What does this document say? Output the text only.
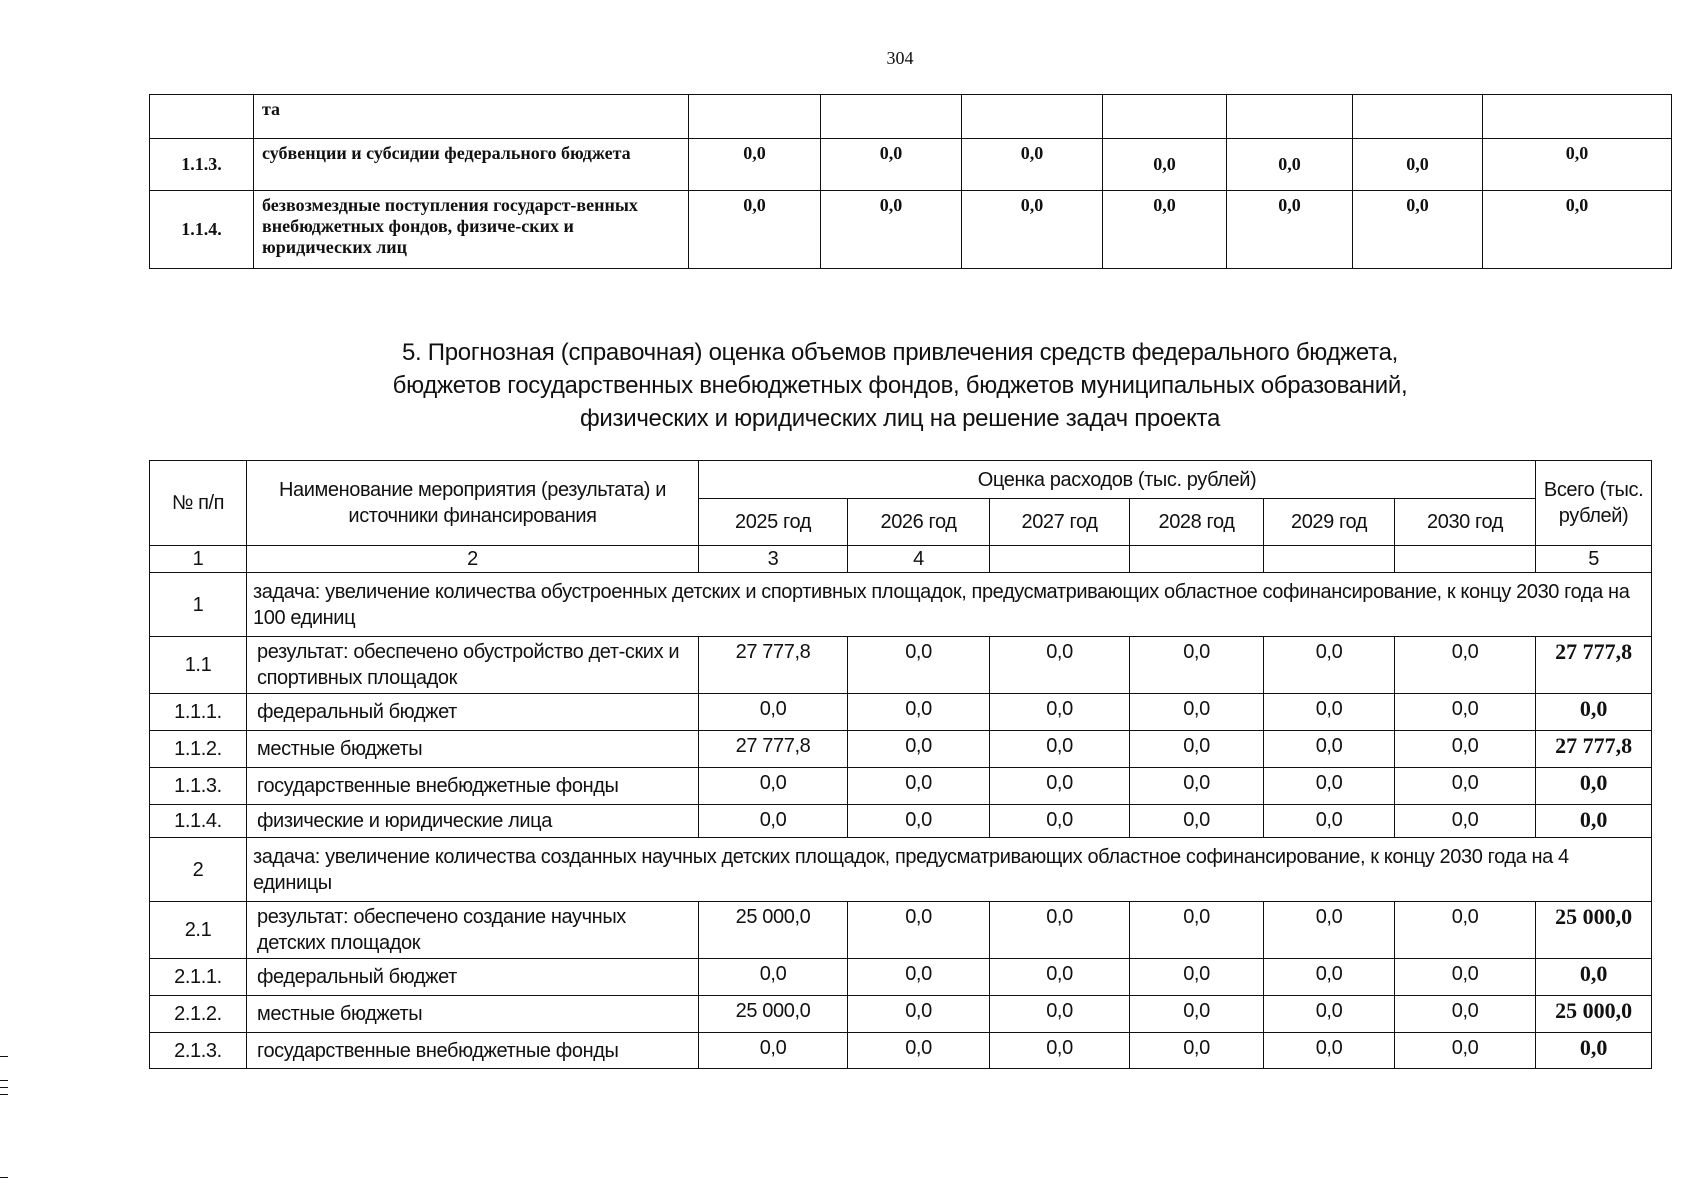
304
	та							
1.1.3.	субвенции и субсидии федерального бюджета	0,0	0,0	0,0	0,0	0,0	0,0	0,0
1.1.4.	безвозмездные поступления государст-венных внебюджетных фондов, физиче-ских и юридических лиц	0,0	0,0	0,0	0,0	0,0	0,0	0,0
5. Прогнозная (справочная) оценка объемов привлечения средств федерального бюджета,
бюджетов государственных внебюджетных фондов, бюджетов муниципальных образований,
физических и юридических лиц на решение задач проекта
№ п/п	Наименование мероприятия (результата) и источники финансирования	Оценка расходов (тыс. рублей)						Всего (тыс. рублей)
		2025 год	2026 год	2027 год	2028 год	2029 год	2030 год	
1	2	3	4					5
1	задача: увеличение количества обустроенных детских и спортивных площадок, предусматривающих областное софинансирование, к концу 2030 года на 100 единиц							
1.1	результат: обеспечено обустройство дет-ских и спортивных площадок	27 777,8	0,0	0,0	0,0	0,0	0,0	27 777,8
1.1.1.	федеральный бюджет	0,0	0,0	0,0	0,0	0,0	0,0	0,0
1.1.2.	местные бюджеты	27 777,8	0,0	0,0	0,0	0,0	0,0	27 777,8
1.1.3.	государственные внебюджетные фонды	0,0	0,0	0,0	0,0	0,0	0,0	0,0
1.1.4.	физические и юридические лица	0,0	0,0	0,0	0,0	0,0	0,0	0,0
2	задача: увеличение количества созданных научных детских площадок, предусматривающих областное софинансирование, к концу 2030 года на 4 единицы							
2.1	результат: обеспечено создание научных детских площадок	25 000,0	0,0	0,0	0,0	0,0	0,0	25 000,0
2.1.1.	федеральный бюджет	0,0	0,0	0,0	0,0	0,0	0,0	0,0
2.1.2.	местные бюджеты	25 000,0	0,0	0,0	0,0	0,0	0,0	25 000,0
2.1.3.	государственные внебюджетные фонды	0,0	0,0	0,0	0,0	0,0	0,0	0,0
